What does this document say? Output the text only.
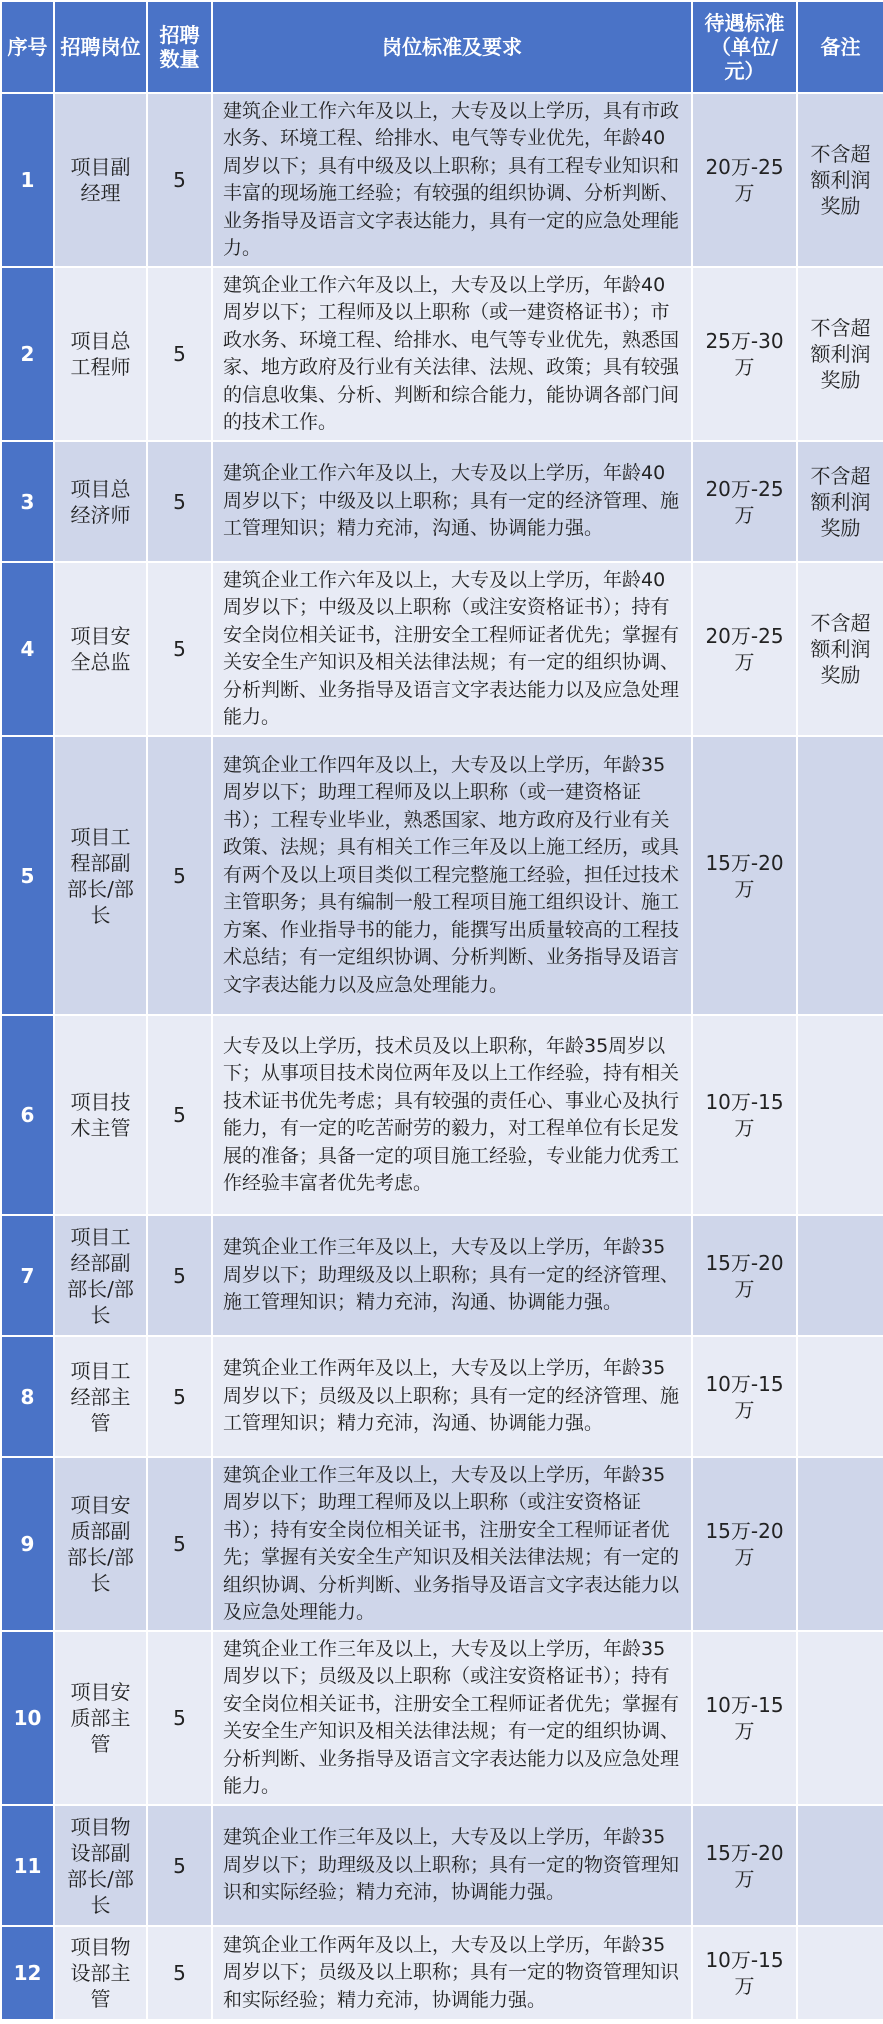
序号	招聘岗位	招聘数量	岗位标准及要求	待遇标准（单位/元）	备注
1	项目副经理	5	建筑企业工作六年及以上，大专及以上学历，具有市政水务、环境工程、给排水、电气等专业优先，年龄40周岁以下；具有中级及以上职称；具有工程专业知识和丰富的现场施工经验；有较强的组织协调、分析判断、业务指导及语言文字表达能力，具有一定的应急处理能力。	20万-25万	不含超额利润奖励
2	项目总工程师	5	建筑企业工作六年及以上，大专及以上学历，年龄40周岁以下；工程师及以上职称（或一建资格证书）；市政水务、环境工程、给排水、电气等专业优先，熟悉国家、地方政府及行业有关法律、法规、政策；具有较强的信息收集、分析、判断和综合能力，能协调各部门间的技术工作。	25万-30万	不含超额利润奖励
3	项目总经济师	5	建筑企业工作六年及以上，大专及以上学历，年龄40周岁以下；中级及以上职称；具有一定的经济管理、施工管理知识；精力充沛，沟通、协调能力强。	20万-25万	不含超额利润奖励
4	项目安全总监	5	建筑企业工作六年及以上，大专及以上学历，年龄40周岁以下；中级及以上职称（或注安资格证书）；持有安全岗位相关证书，注册安全工程师证者优先；掌握有关安全生产知识及相关法律法规；有一定的组织协调、分析判断、业务指导及语言文字表达能力以及应急处理能力。	20万-25万	不含超额利润奖励
5	项目工程部副部长/部长	5	建筑企业工作四年及以上，大专及以上学历，年龄35周岁以下；助理工程师及以上职称（或一建资格证书）；工程专业毕业，熟悉国家、地方政府及行业有关政策、法规；具有相关工作三年及以上施工经历，或具有两个及以上项目类似工程完整施工经验，担任过技术主管职务；具有编制一般工程项目施工组织设计、施工方案、作业指导书的能力，能撰写出质量较高的工程技术总结；有一定组织协调、分析判断、业务指导及语言文字表达能力以及应急处理能力。	15万-20万	
6	项目技术主管	5	大专及以上学历，技术员及以上职称，年龄35周岁以下；从事项目技术岗位两年及以上工作经验，持有相关技术证书优先考虑；具有较强的责任心、事业心及执行能力，有一定的吃苦耐劳的毅力，对工程单位有长足发展的准备；具备一定的项目施工经验，专业能力优秀工作经验丰富者优先考虑。	10万-15万	
7	项目工经部副部长/部长	5	建筑企业工作三年及以上，大专及以上学历，年龄35周岁以下；助理级及以上职称；具有一定的经济管理、施工管理知识；精力充沛，沟通、协调能力强。	15万-20万	
8	项目工经部主管	5	建筑企业工作两年及以上，大专及以上学历，年龄35周岁以下；员级及以上职称；具有一定的经济管理、施工管理知识；精力充沛，沟通、协调能力强。	10万-15万	
9	项目安质部副部长/部长	5	建筑企业工作三年及以上，大专及以上学历，年龄35周岁以下；助理工程师及以上职称（或注安资格证书）；持有安全岗位相关证书，注册安全工程师证者优先；掌握有关安全生产知识及相关法律法规；有一定的组织协调、分析判断、业务指导及语言文字表达能力以及应急处理能力。	15万-20万	
10	项目安质部主管	5	建筑企业工作三年及以上，大专及以上学历，年龄35周岁以下；员级及以上职称（或注安资格证书）；持有安全岗位相关证书，注册安全工程师证者优先；掌握有关安全生产知识及相关法律法规；有一定的组织协调、分析判断、业务指导及语言文字表达能力以及应急处理能力。	10万-15万	
11	项目物设部副部长/部长	5	建筑企业工作三年及以上，大专及以上学历，年龄35周岁以下；助理级及以上职称；具有一定的物资管理知识和实际经验；精力充沛，协调能力强。	15万-20万	
12	项目物设部主管	5	建筑企业工作两年及以上，大专及以上学历，年龄35周岁以下；员级及以上职称；具有一定的物资管理知识和实际经验；精力充沛，协调能力强。	10万-15万	
